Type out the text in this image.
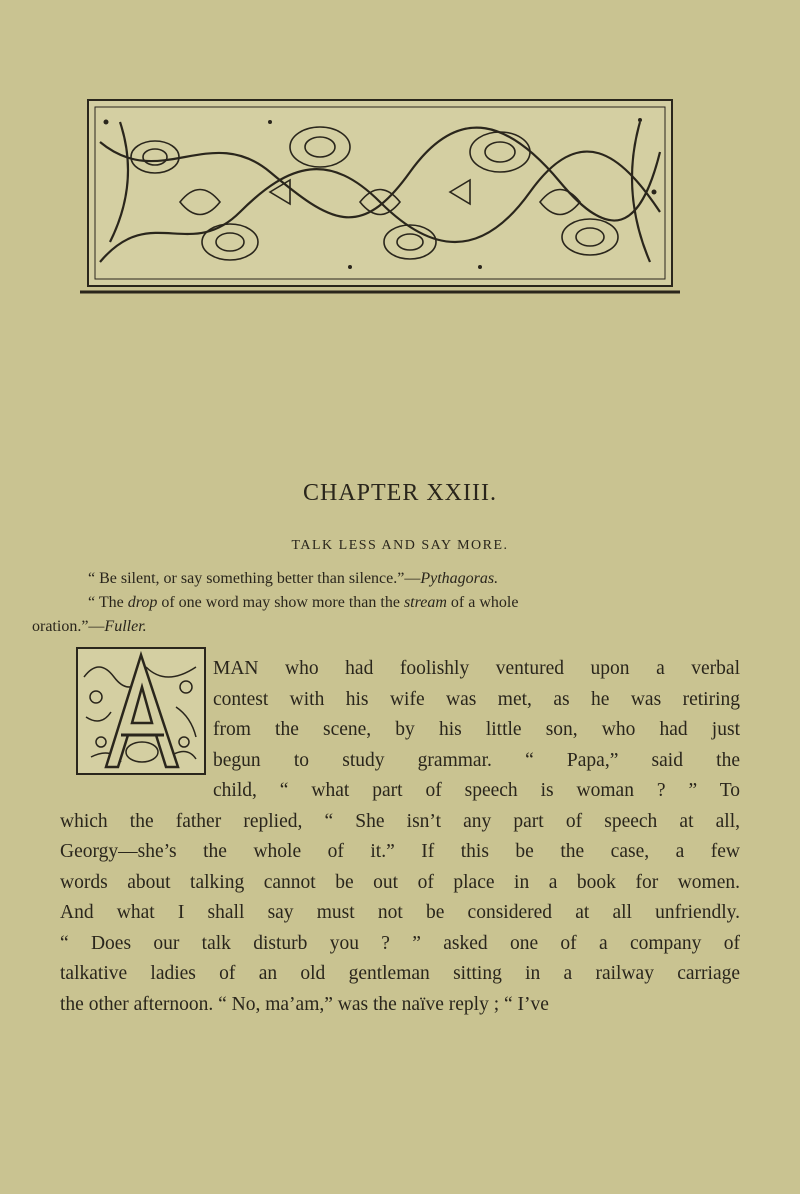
CHAPTER XXIII.
TALK LESS AND SAY MORE.
“ Be silent, or say something better than silence.”—Pythagoras.
“ The drop of one word may show more than the stream of a whole
oration.”—Fuller.
MAN who had foolishly ventured upon a verbal
contest with his wife was met, as he was retiring
from the scene, by his little son, who had just
begun to study grammar. “ Papa,” said the
child, “ what part of speech is woman ? ” To
which the father replied, “ She isn’t any part of speech at all,
Georgy—she’s the whole of it.” If this be the case, a few
words about talking cannot be out of place in a book for women.
And what I shall say must not be considered at all unfriendly.
“ Does our talk disturb you ? ” asked one of a company of
talkative ladies of an old gentleman sitting in a railway carriage
the other afternoon. “ No, ma’am,” was the naïve reply ; “ I’ve
